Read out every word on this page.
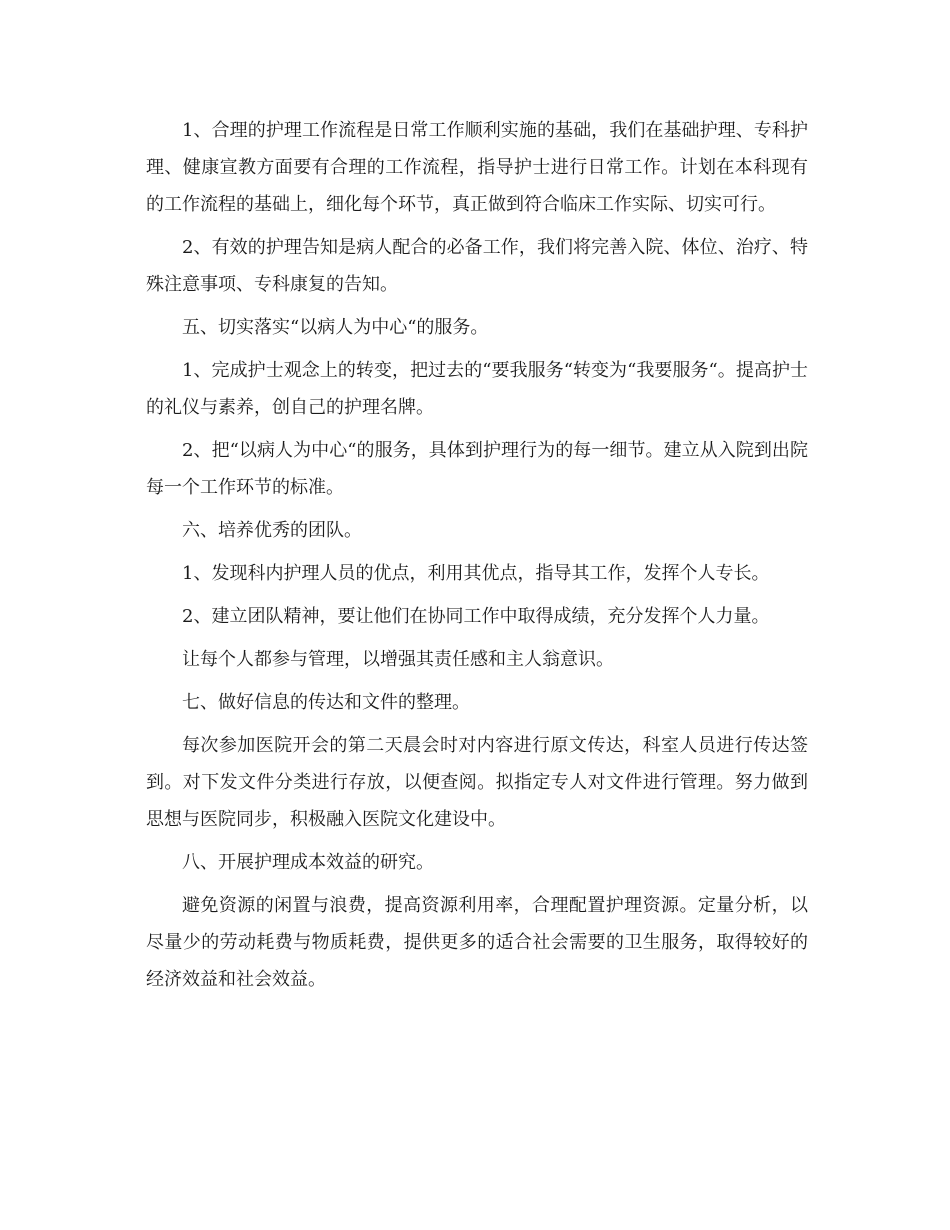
1、合理的护理工作流程是日常工作顺利实施的基础，我们在基础护理、专科护理、健康宣教方面要有合理的工作流程，指导护士进行日常工作。计划在本科现有的工作流程的基础上，细化每个环节，真正做到符合临床工作实际、切实可行。

2、有效的护理告知是病人配合的必备工作，我们将完善入院、体位、治疗、特殊注意事项、专科康复的告知。

五、切实落实“以病人为中心“的服务。

1、完成护士观念上的转变，把过去的“要我服务“转变为“我要服务“。提高护士的礼仪与素养，创自己的护理名牌。

2、把“以病人为中心“的服务，具体到护理行为的每一细节。建立从入院到出院每一个工作环节的标准。

六、培养优秀的团队。

1、发现科内护理人员的优点，利用其优点，指导其工作，发挥个人专长。

2、建立团队精神，要让他们在协同工作中取得成绩，充分发挥个人力量。

让每个人都参与管理，以增强其责任感和主人翁意识。

七、做好信息的传达和文件的整理。

每次参加医院开会的第二天晨会时对内容进行原文传达，科室人员进行传达签到。对下发文件分类进行存放，以便查阅。拟指定专人对文件进行管理。努力做到思想与医院同步，积极融入医院文化建设中。

八、开展护理成本效益的研究。

避免资源的闲置与浪费，提高资源利用率，合理配置护理资源。定量分析，以尽量少的劳动耗费与物质耗费，提供更多的适合社会需要的卫生服务，取得较好的经济效益和社会效益。
